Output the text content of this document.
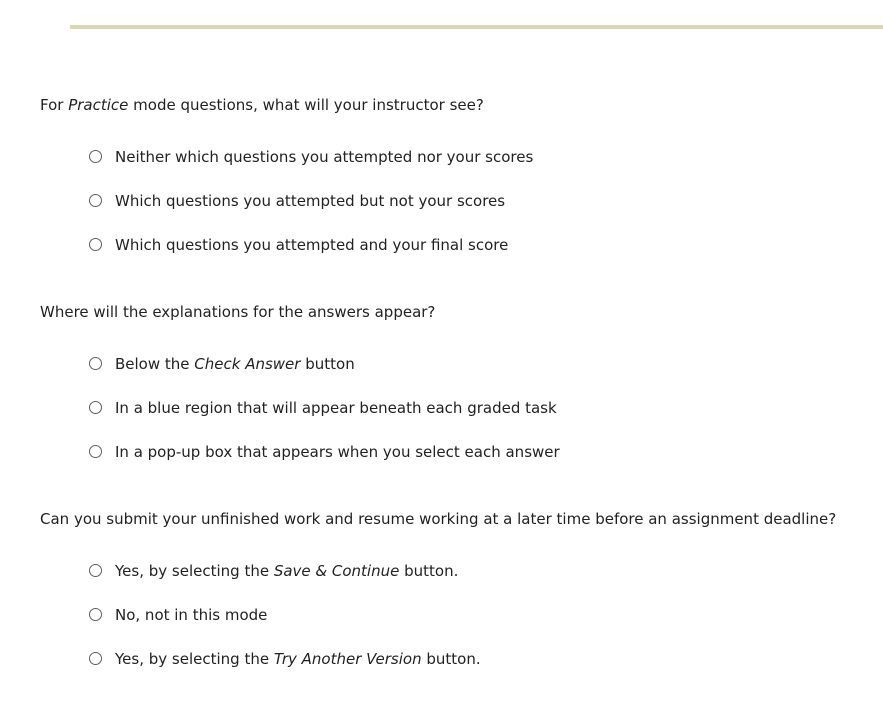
For Practice mode questions, what will your instructor see?
Neither which questions you attempted nor your scores
Which questions you attempted but not your scores
Which questions you attempted and your final score
Where will the explanations for the answers appear?
Below the Check Answer button
In a blue region that will appear beneath each graded task
In a pop-up box that appears when you select each answer
Can you submit your unfinished work and resume working at a later time before an assignment deadline?
Yes, by selecting the Save & Continue button.
No, not in this mode
Yes, by selecting the Try Another Version button.
